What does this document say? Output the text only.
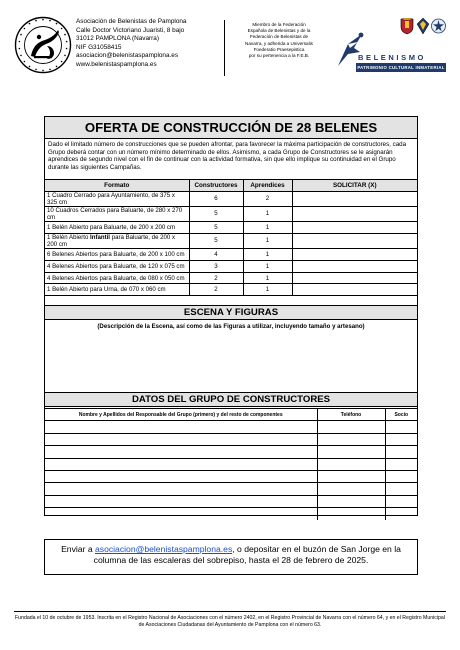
Asociación de Belenistas de Pamplona
Calle Doctor Victoriano Juaristi, 8 bajo
31012 PAMPLONA (Navarra)
NIF G31058415
asociacion@belenistaspamplona.es
www.belenistaspamplona.es
Miembro de la Federación
Española de Belenistas y de la
Federación de Belenistas de
Navarra, y adherida a Universalis
Foederatio Praesepistica
por su pertenencia a la F.E.B.	BELENISMO
PATRIMONIO CULTURAL INMATERIAL
OFERTA DE CONSTRUCCIÓN DE 28 BELENES
Dado el limitado número de construcciones que se pueden afrontar, para favorecer la máxima participación de constructores, cada Grupo deberá contar con un número mínimo determinado de ellos. Asimismo, a cada Grupo de Constructores se le asignarán aprendices de segundo nivel con el fin de continuar con la actividad formativa, sin que ello implique su continuidad en el Grupo durante las siguientes Campañas.
Formato	Constructores	Aprendices	SOLICITAR (X)
1 Cuadro Cerrado para Ayuntamiento, de 375 x 325 cm	6	2	
10 Cuadros Cerrados para Baluarte, de 280 x 270 cm	5	1	
1 Belén Abierto para Baluarte, de 200 x 200 cm	5	1	
1 Belén Abierto Infantil para Baluarte, de 200 x 200 cm	5	1	
6 Belenes Abiertos para Baluarte, de 200 x 100 cm	4	1	
4 Belenes Abiertos para Baluarte, de 120 x 075 cm	3	1	
4 Belenes Abiertos para Baluarte, de 080 x 050 cm	2	1	
1 Belén Abierto para Urna, de 070 x 060 cm	2	1	
ESCENA Y FIGURAS
(Descripción de la Escena, así como de las Figuras a utilizar, incluyendo tamaño y artesano)
DATOS DEL GRUPO DE CONSTRUCTORES
Nombre y Apellidos del Responsable del Grupo (primero) y del resto de componentes	Teléfono	Socio

Enviar a asociacion@belenistaspamplona.es, o depositar en el buzón de San Jorge en la columna de las escaleras del sobrepiso, hasta el 28 de febrero de 2025.
Fundada el 10 de octubre de 1953. Inscrita en el Registro Nacional de Asociaciones con el número 2402, en el Registro Provincial de Navarra con el número 64, y en el Registro Municipal de Asociaciones Ciudadanas del Ayuntamiento de Pamplona con el número 63.
